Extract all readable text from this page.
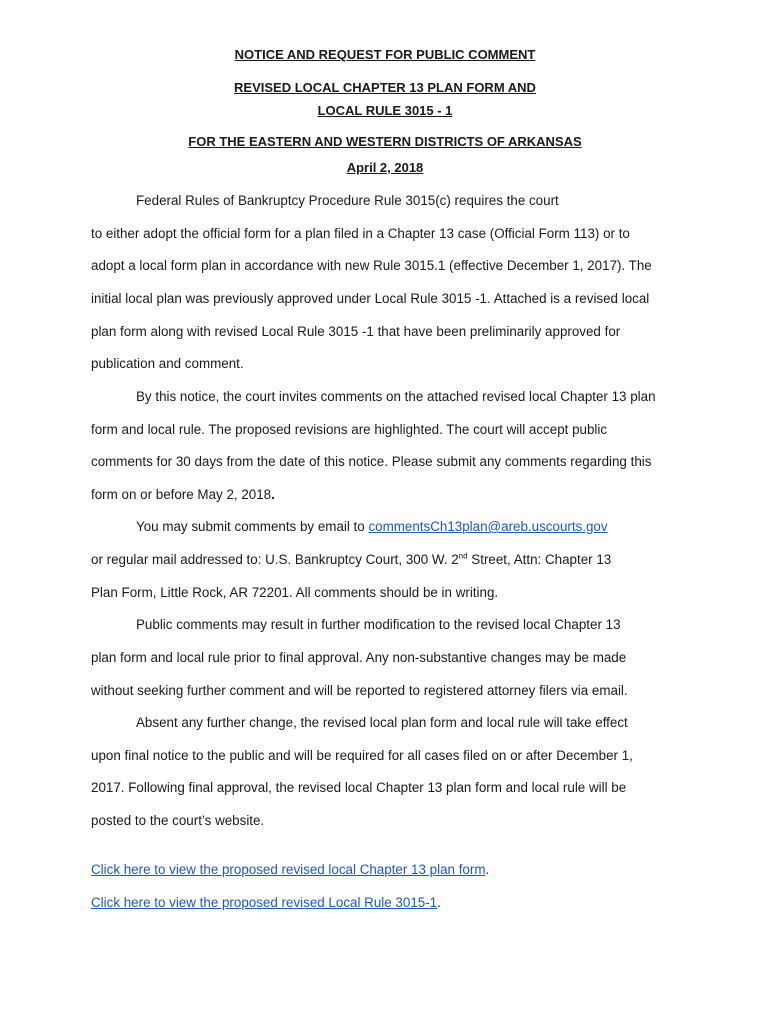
NOTICE AND REQUEST FOR PUBLIC COMMENT
REVISED LOCAL CHAPTER 13 PLAN FORM AND
LOCAL RULE 3015 - 1
FOR THE EASTERN AND WESTERN DISTRICTS OF ARKANSAS
April 2, 2018
Federal Rules of Bankruptcy Procedure Rule 3015(c) requires the court
to either adopt the official form for a plan filed in a Chapter 13 case (Official Form 113) or to
adopt a local form plan in accordance with new Rule 3015.1 (effective December 1, 2017). The
initial local plan was previously approved under Local Rule 3015 -1. Attached is a revised local
plan form along with revised Local Rule 3015 -1 that have been preliminarily approved for
publication and comment.
By this notice, the court invites comments on the attached revised local Chapter 13 plan
form and local rule. The proposed revisions are highlighted. The court will accept public
comments for 30 days from the date of this notice. Please submit any comments regarding this
form on or before May 2, 2018.
You may submit comments by email to commentsCh13plan@areb.uscourts.gov
or regular mail addressed to: U.S. Bankruptcy Court, 300 W. 2nd Street, Attn: Chapter 13
Plan Form, Little Rock, AR 72201. All comments should be in writing.
Public comments may result in further modification to the revised local Chapter 13
plan form and local rule prior to final approval. Any non-substantive changes may be made
without seeking further comment and will be reported to registered attorney filers via email.
Absent any further change, the revised local plan form and local rule will take effect
upon final notice to the public and will be required for all cases filed on or after December 1,
2017. Following final approval, the revised local Chapter 13 plan form and local rule will be
posted to the court’s website.
Click here to view the proposed revised local Chapter 13 plan form.
Click here to view the proposed revised Local Rule 3015-1.
